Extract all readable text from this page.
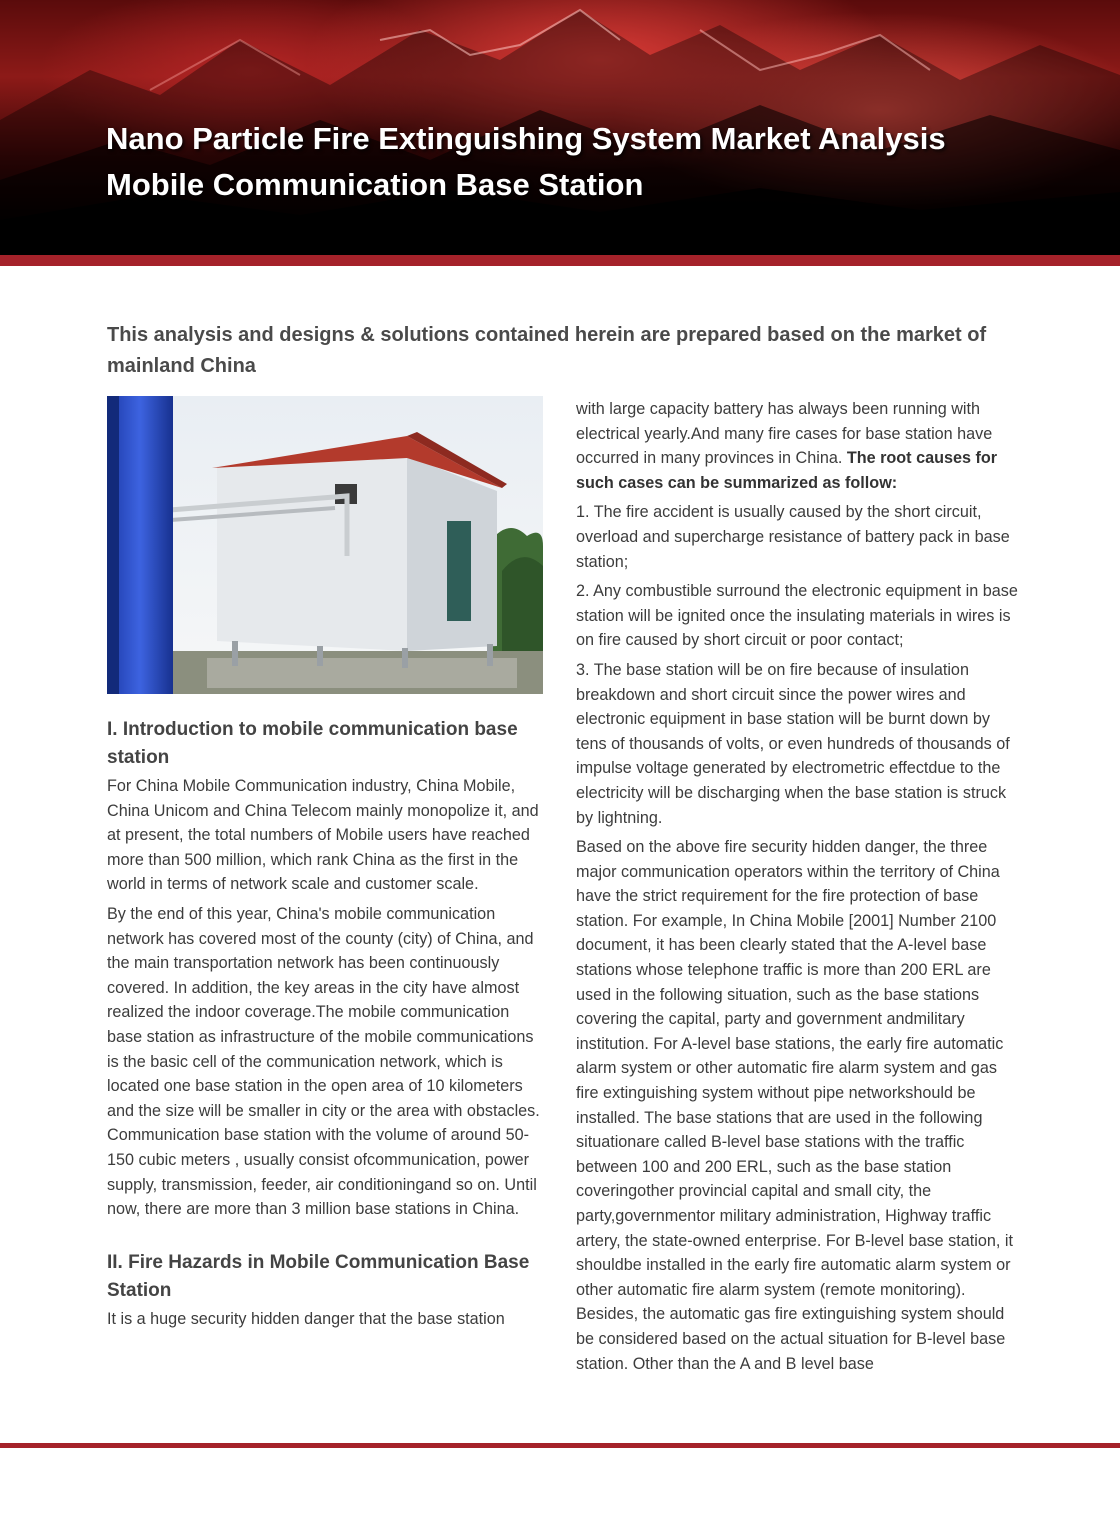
Nano Particle Fire Extinguishing System Market Analysis
Mobile Communication Base Station
This analysis and designs & solutions contained herein are prepared based on the market of mainland China
I. Introduction to mobile communication base station

For China Mobile Communication industry, China Mobile, China Unicom and China Telecom mainly monopolize it, and at present, the total numbers of Mobile users have reached more than 500 million, which rank China as the first in the world in terms of network scale and customer scale.

By the end of this year, China's mobile communication network has covered most of the county (city) of China, and the main transportation network has been continuously covered. In addition, the key areas in the city have almost realized the indoor coverage.The mobile communication base station as infrastructure of the mobile communications is the basic cell of the communication network, which is located one base station in the open area of 10 kilometers and the size will be smaller in city or the area with obstacles. Communication base station with the volume of around 50-150 cubic meters , usually consist ofcommunication, power supply, transmission, feeder, air conditioningand so on. Until now, there are more than 3 million base stations in China.

II. Fire Hazards in Mobile Communication Base Station

It is a huge security hidden danger that the base station

with large capacity battery has always been running with electrical yearly.And many fire cases for base station have occurred in many provinces in China. The root causes for such cases can be summarized as follow:

1. The fire accident is usually caused by the short circuit, overload and supercharge resistance of battery pack in base station;

2. Any combustible surround the electronic equipment in base station will be ignited once the insulating materials in wires is on fire caused by short circuit or poor contact;

3. The base station will be on fire because of insulation breakdown and short circuit since the power wires and electronic equipment in base station will be burnt down by tens of thousands of volts, or even hundreds of thousands of impulse voltage generated by electrometric effectdue to the electricity will be discharging when the base station is struck by lightning.

Based on the above fire security hidden danger, the three major communication operators within the territory of China have the strict requirement for the fire protection of base station. For example, In China Mobile [2001] Number 2100 document, it has been clearly stated that the A-level base stations whose telephone traffic is more than 200 ERL are used in the following situation, such as the base stations covering the capital, party and government andmilitary institution. For A-level base stations, the early fire automatic alarm system or other automatic fire alarm system and gas fire extinguishing system without pipe networkshould be installed. The base stations that are used in the following situationare called B-level base stations with the traffic between 100 and 200 ERL, such as the base station coveringother provincial capital and small city, the party,governmentor military administration, Highway traffic artery, the state-owned enterprise. For B-level base station, it shouldbe installed in the early fire automatic alarm system or other automatic fire alarm system (remote monitoring). Besides, the automatic gas fire extinguishing system should be considered based on the actual situation for B-level base station. Other than the A and B level base
